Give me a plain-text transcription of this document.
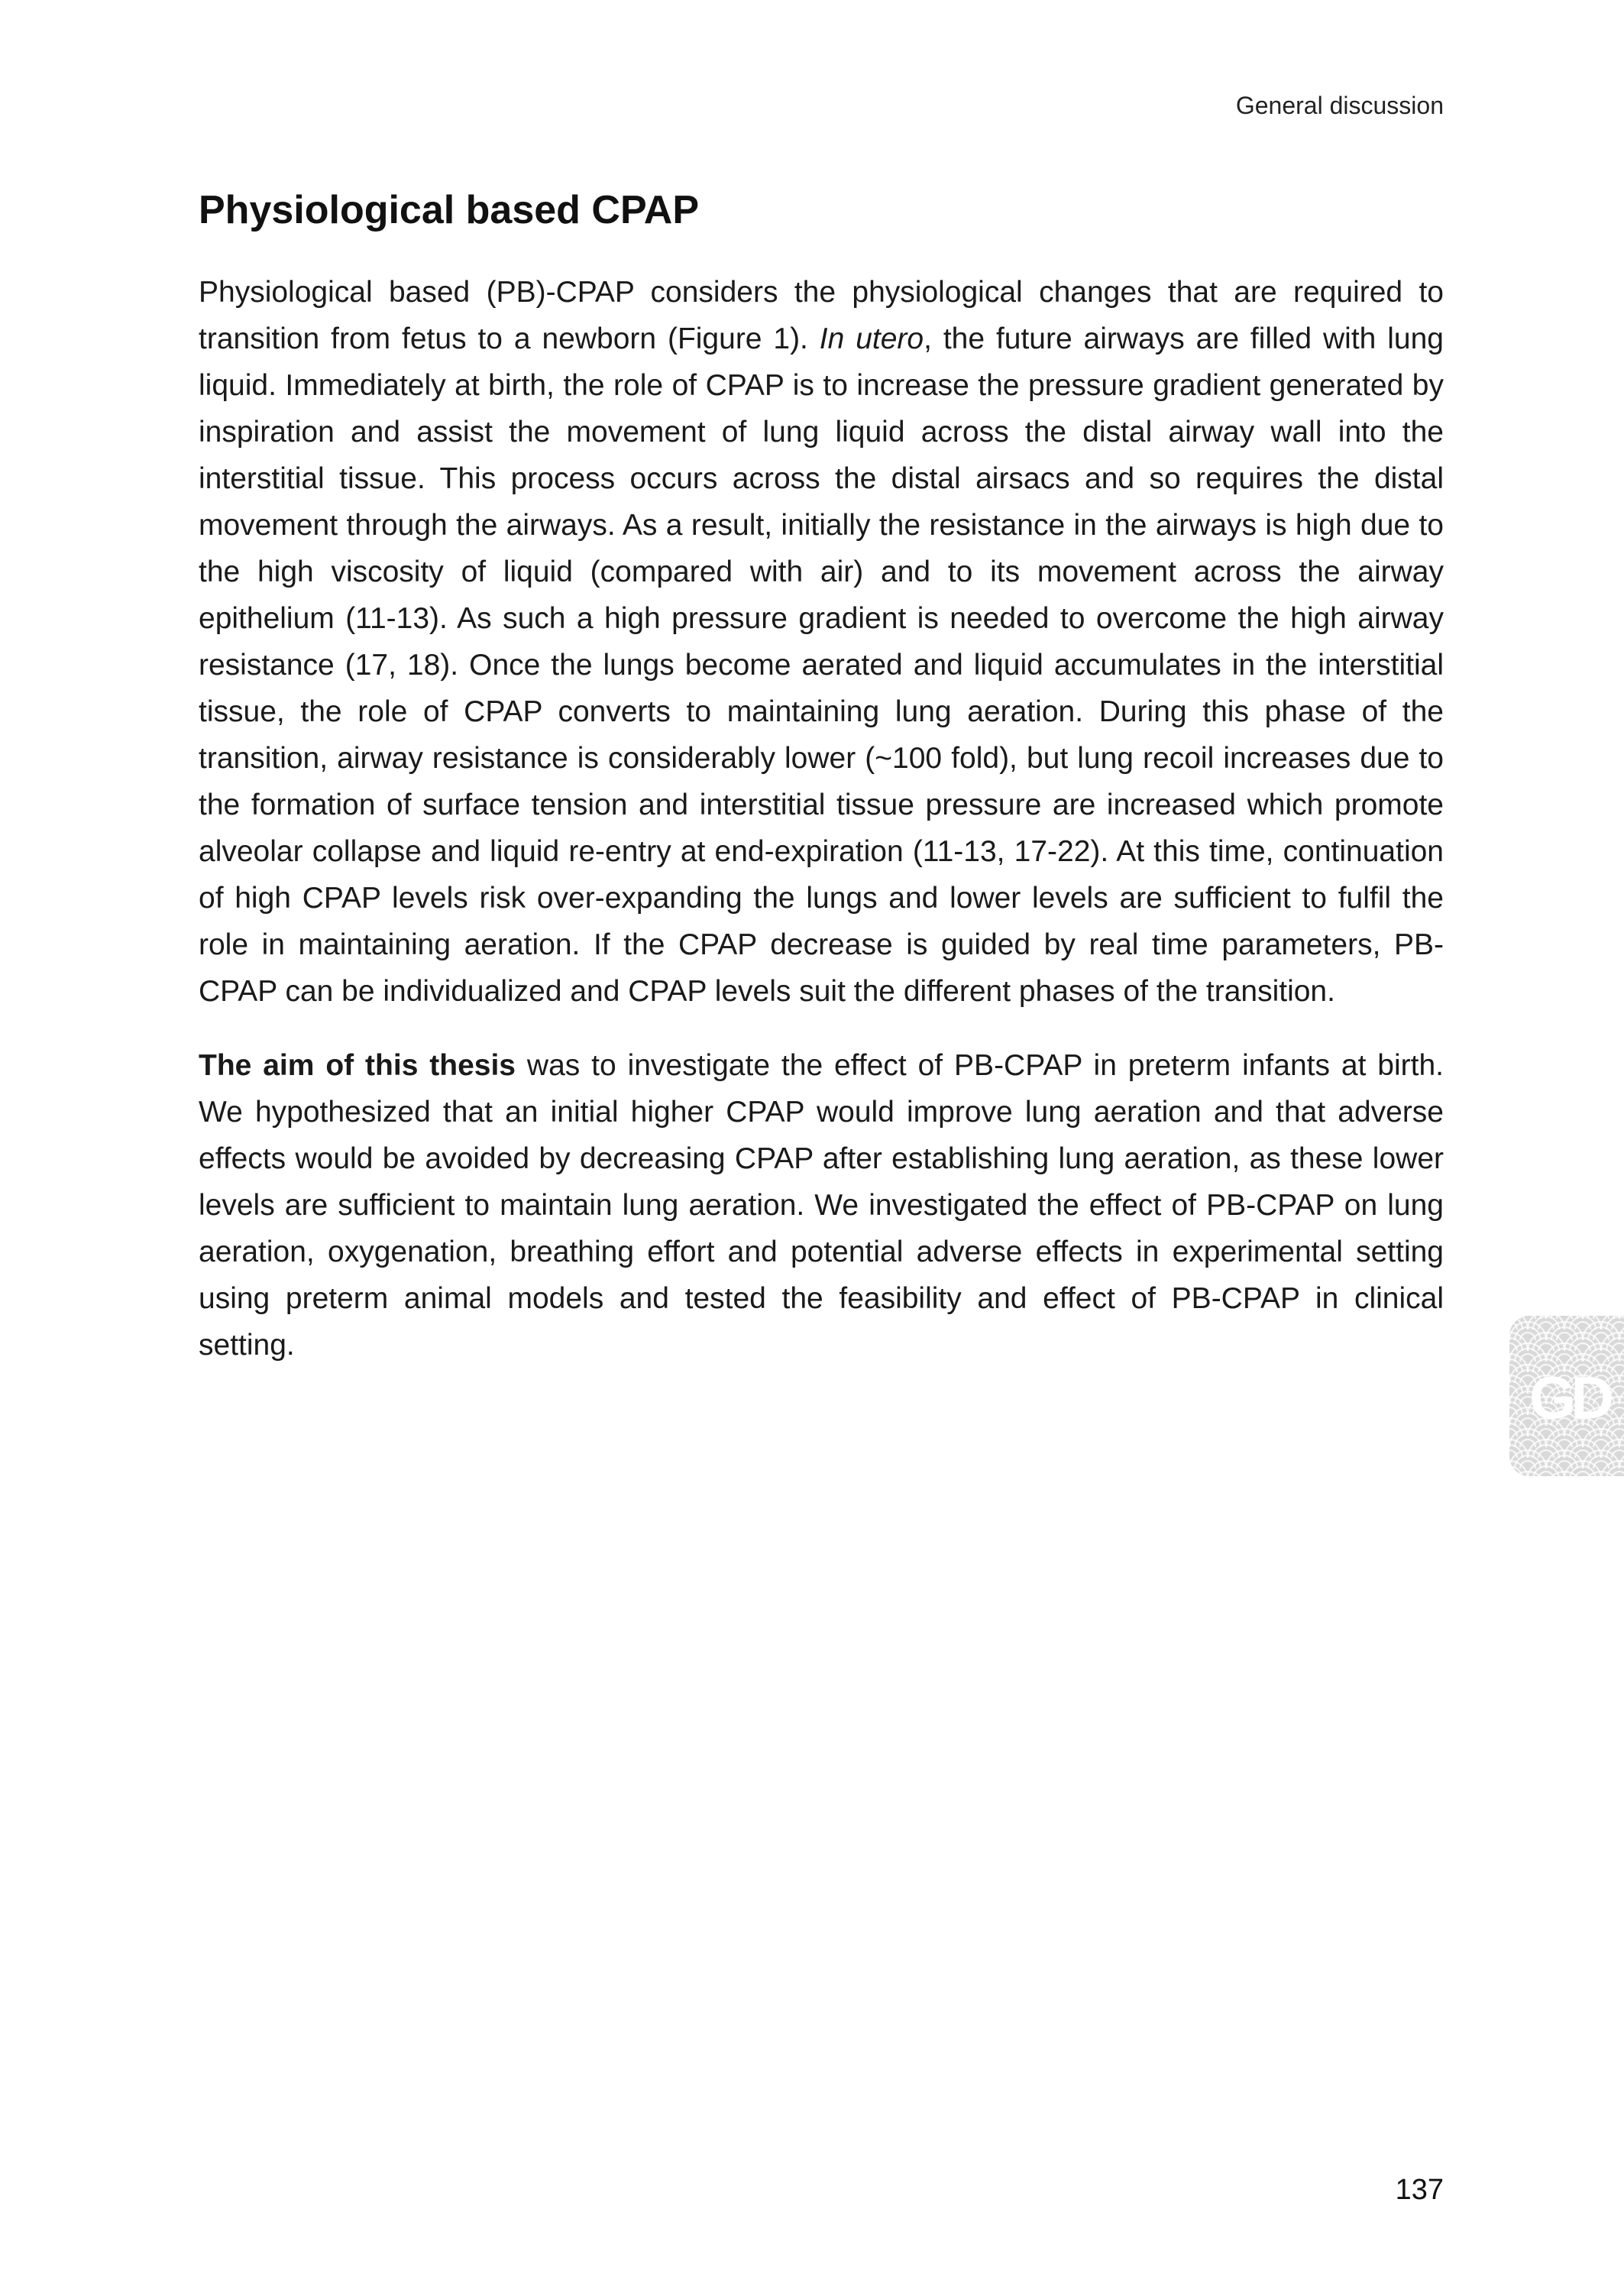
General discussion
Physiological based CPAP

Physiological based (PB)-CPAP considers the physiological changes that are required to transition from fetus to a newborn (Figure 1). In utero, the future airways are filled with lung liquid. Immediately at birth, the role of CPAP is to increase the pressure gradient generated by inspiration and assist the movement of lung liquid across the distal airway wall into the interstitial tissue. This process occurs across the distal airsacs and so requires the distal movement through the airways. As a result, initially the resistance in the airways is high due to the high viscosity of liquid (compared with air) and to its movement across the airway epithelium (11-13). As such a high pressure gradient is needed to overcome the high airway resistance (17, 18). Once the lungs become aerated and liquid accumulates in the interstitial tissue, the role of CPAP converts to maintaining lung aeration. During this phase of the transition, airway resistance is considerably lower (~100 fold), but lung recoil increases due to the formation of surface tension and interstitial tissue pressure are increased which promote alveolar collapse and liquid re-entry at end-expiration (11-13, 17-22). At this time, continuation of high CPAP levels risk over-expanding the lungs and lower levels are sufficient to fulfil the role in maintaining aeration. If the CPAP decrease is guided by real time parameters, PB-CPAP can be individualized and CPAP levels suit the different phases of the transition.

The aim of this thesis was to investigate the effect of PB-CPAP in preterm infants at birth. We hypothesized that an initial higher CPAP would improve lung aeration and that adverse effects would be avoided by decreasing CPAP after establishing lung aeration, as these lower levels are sufficient to maintain lung aeration. We investigated the effect of PB-CPAP on lung aeration, oxygenation, breathing effort and potential adverse effects in experimental setting using preterm animal models and tested the feasibility and effect of PB-CPAP in clinical setting.

GD
137
